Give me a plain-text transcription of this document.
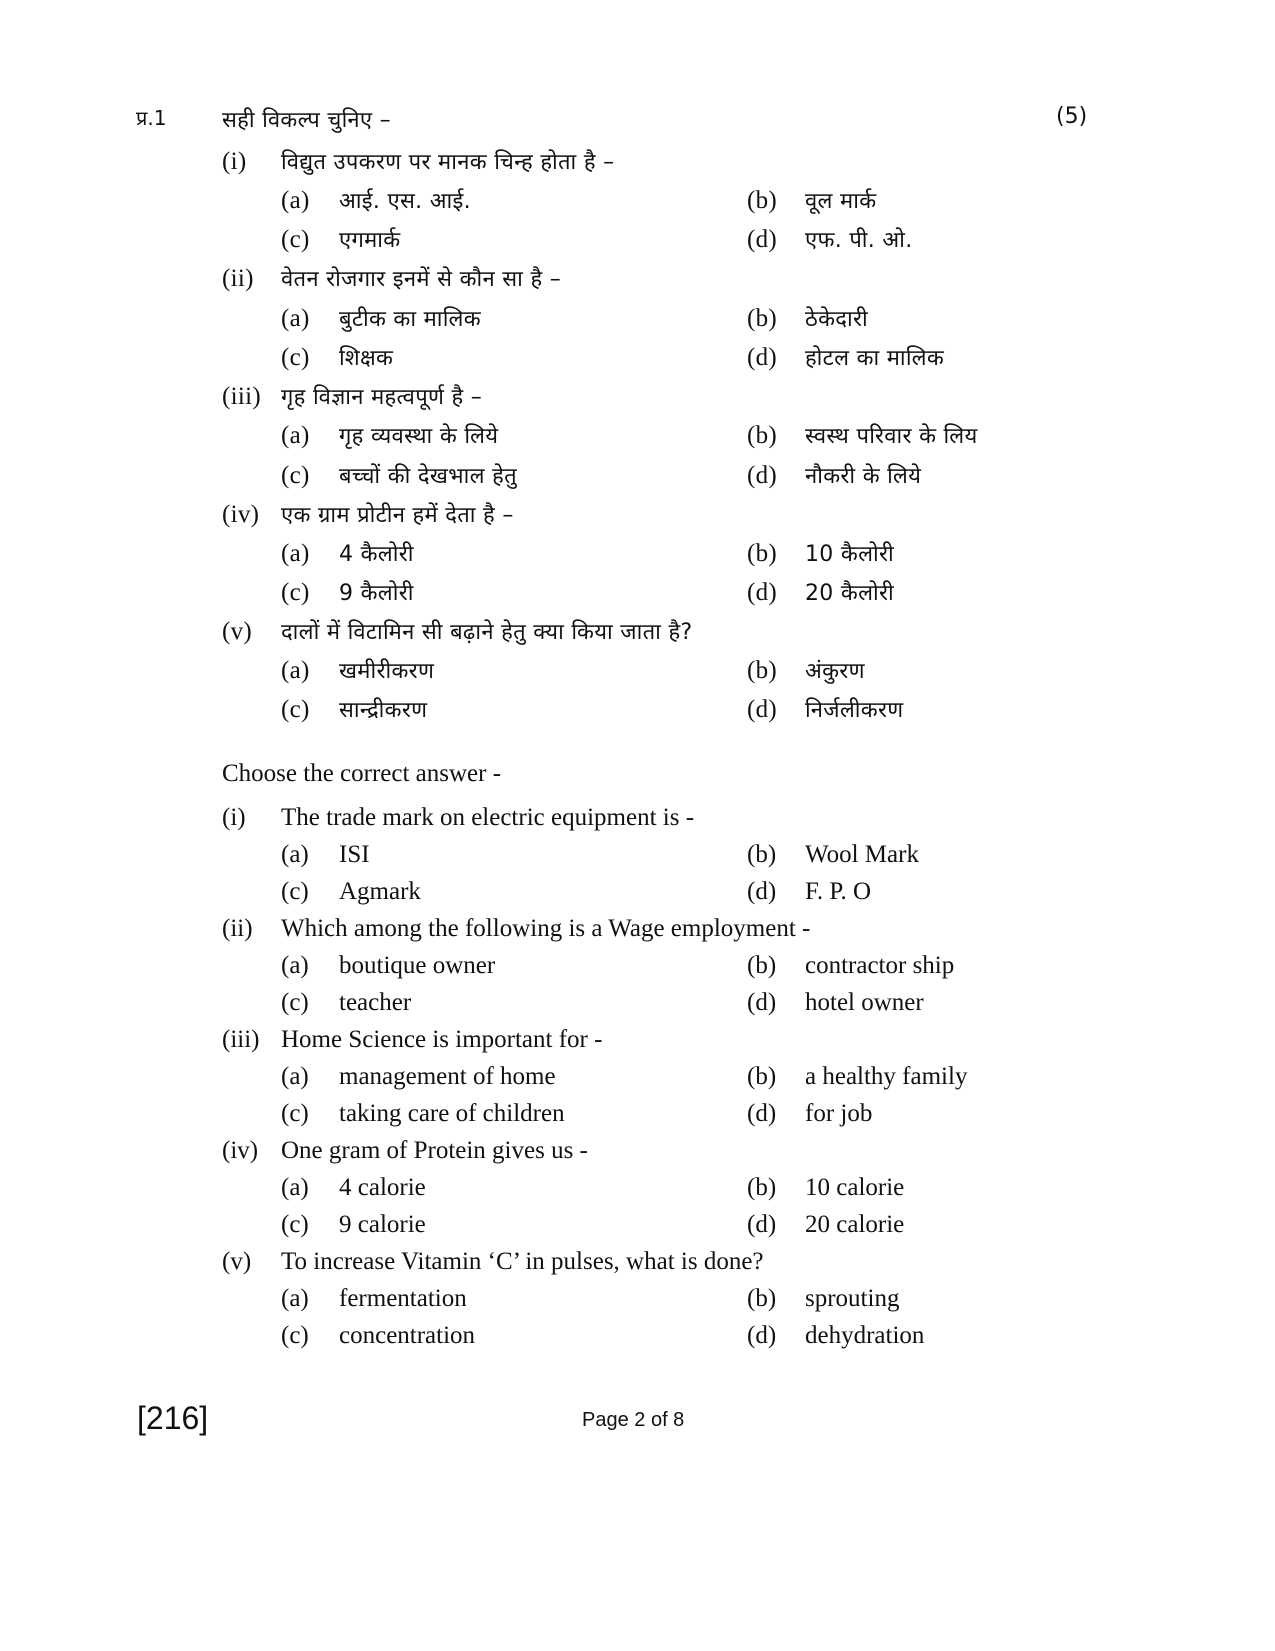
प्र.1	सही विकल्प चुनिए –	(5)
(i) विद्युत उपकरण पर मानक चिन्ह होता है –
(a) आई. एस. आई.	(b) वूल मार्क
(c) एगमार्क	(d) एफ. पी. ओ.
(ii) वेतन रोजगार इनमें से कौन सा है –
(a) बुटीक का मालिक	(b) ठेकेदारी
(c) शिक्षक	(d) होटल का मालिक
(iii) गृह विज्ञान महत्वपूर्ण है –
(a) गृह व्यवस्था के लिये	(b) स्वस्थ परिवार के लिय
(c) बच्चों की देखभाल हेतु	(d) नौकरी के लिये
(iv) एक ग्राम प्रोटीन हमें देता है –
(a) 4 कैलोरी	(b) 10 कैलोरी
(c) 9 कैलोरी	(d) 20 कैलोरी
(v) दालों में विटामिन सी बढ़ाने हेतु क्या किया जाता है?
(a) खमीरीकरण	(b) अंकुरण
(c) सान्द्रीकरण	(d) निर्जलीकरण
Choose the correct answer -
(i) The trade mark on electric equipment is -
(a) ISI	(b) Wool Mark
(c) Agmark	(d) F. P. O
(ii) Which among the following is a Wage employment -
(a) boutique owner	(b) contractor ship
(c) teacher	(d) hotel owner
(iii) Home Science is important for -
(a) management of home	(b) a healthy family
(c) taking care of children	(d) for job
(iv) One gram of Protein gives us -
(a) 4 calorie	(b) 10 calorie
(c) 9 calorie	(d) 20 calorie
(v) To increase Vitamin ‘C’ in pulses, what is done?
(a) fermentation	(b) sprouting
(c) concentration	(d) dehydration
[216]	Page 2 of 8
